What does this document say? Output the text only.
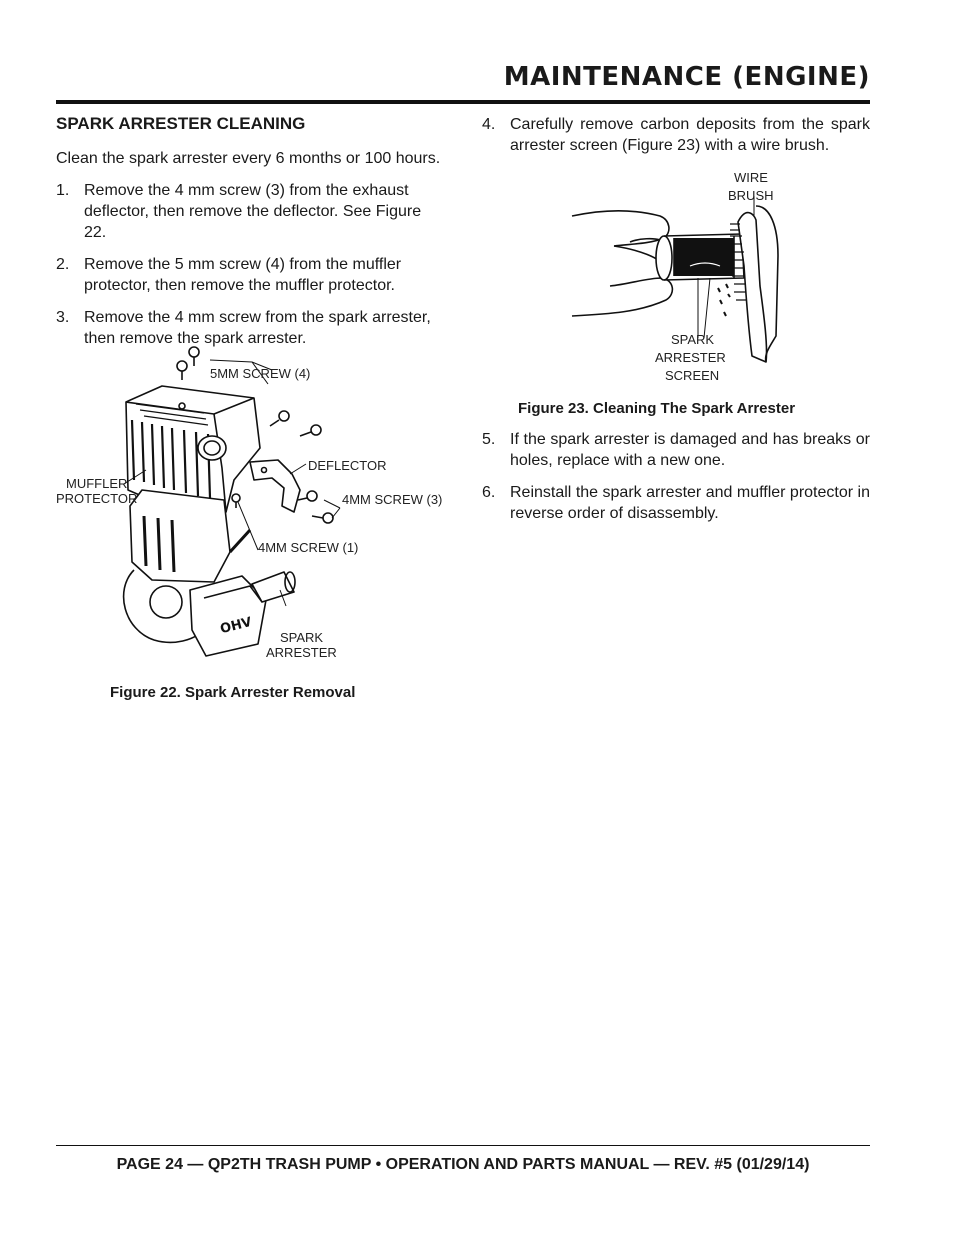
MAINTENANCE (ENGINE)
SPARK ARRESTER CLEANING

Clean the spark arrester every 6 months or 100 hours.

1. Remove the 4 mm screw (3) from the exhaust deflector, then remove the deflector. See Figure 22.
2. Remove the 5 mm screw (4) from the muffler protector, then remove the muffler protector.
3. Remove the 4 mm screw from the spark arrester, then remove the spark arrester.
5MM SCREW (4)
DEFLECTOR
MUFFLER
PROTECTOR	4MM SCREW (3)
4MM SCREW (1)
SPARK
ARRESTER
OHV

Figure 22. Spark Arrester Removal

4. Carefully remove carbon deposits from the spark arrester screen (Figure 23) with a wire brush.
WIRE
BRUSH
SPARK
ARRESTER
SCREEN

Figure 23. Cleaning The Spark Arrester

5. If the spark arrester is damaged and has breaks or holes, replace with a new one.
6. Reinstall the spark arrester and muffler protector in reverse order of disassembly.

PAGE 24 — QP2TH TRASH PUMP • OPERATION AND PARTS MANUAL — REV. #5 (01/29/14)
